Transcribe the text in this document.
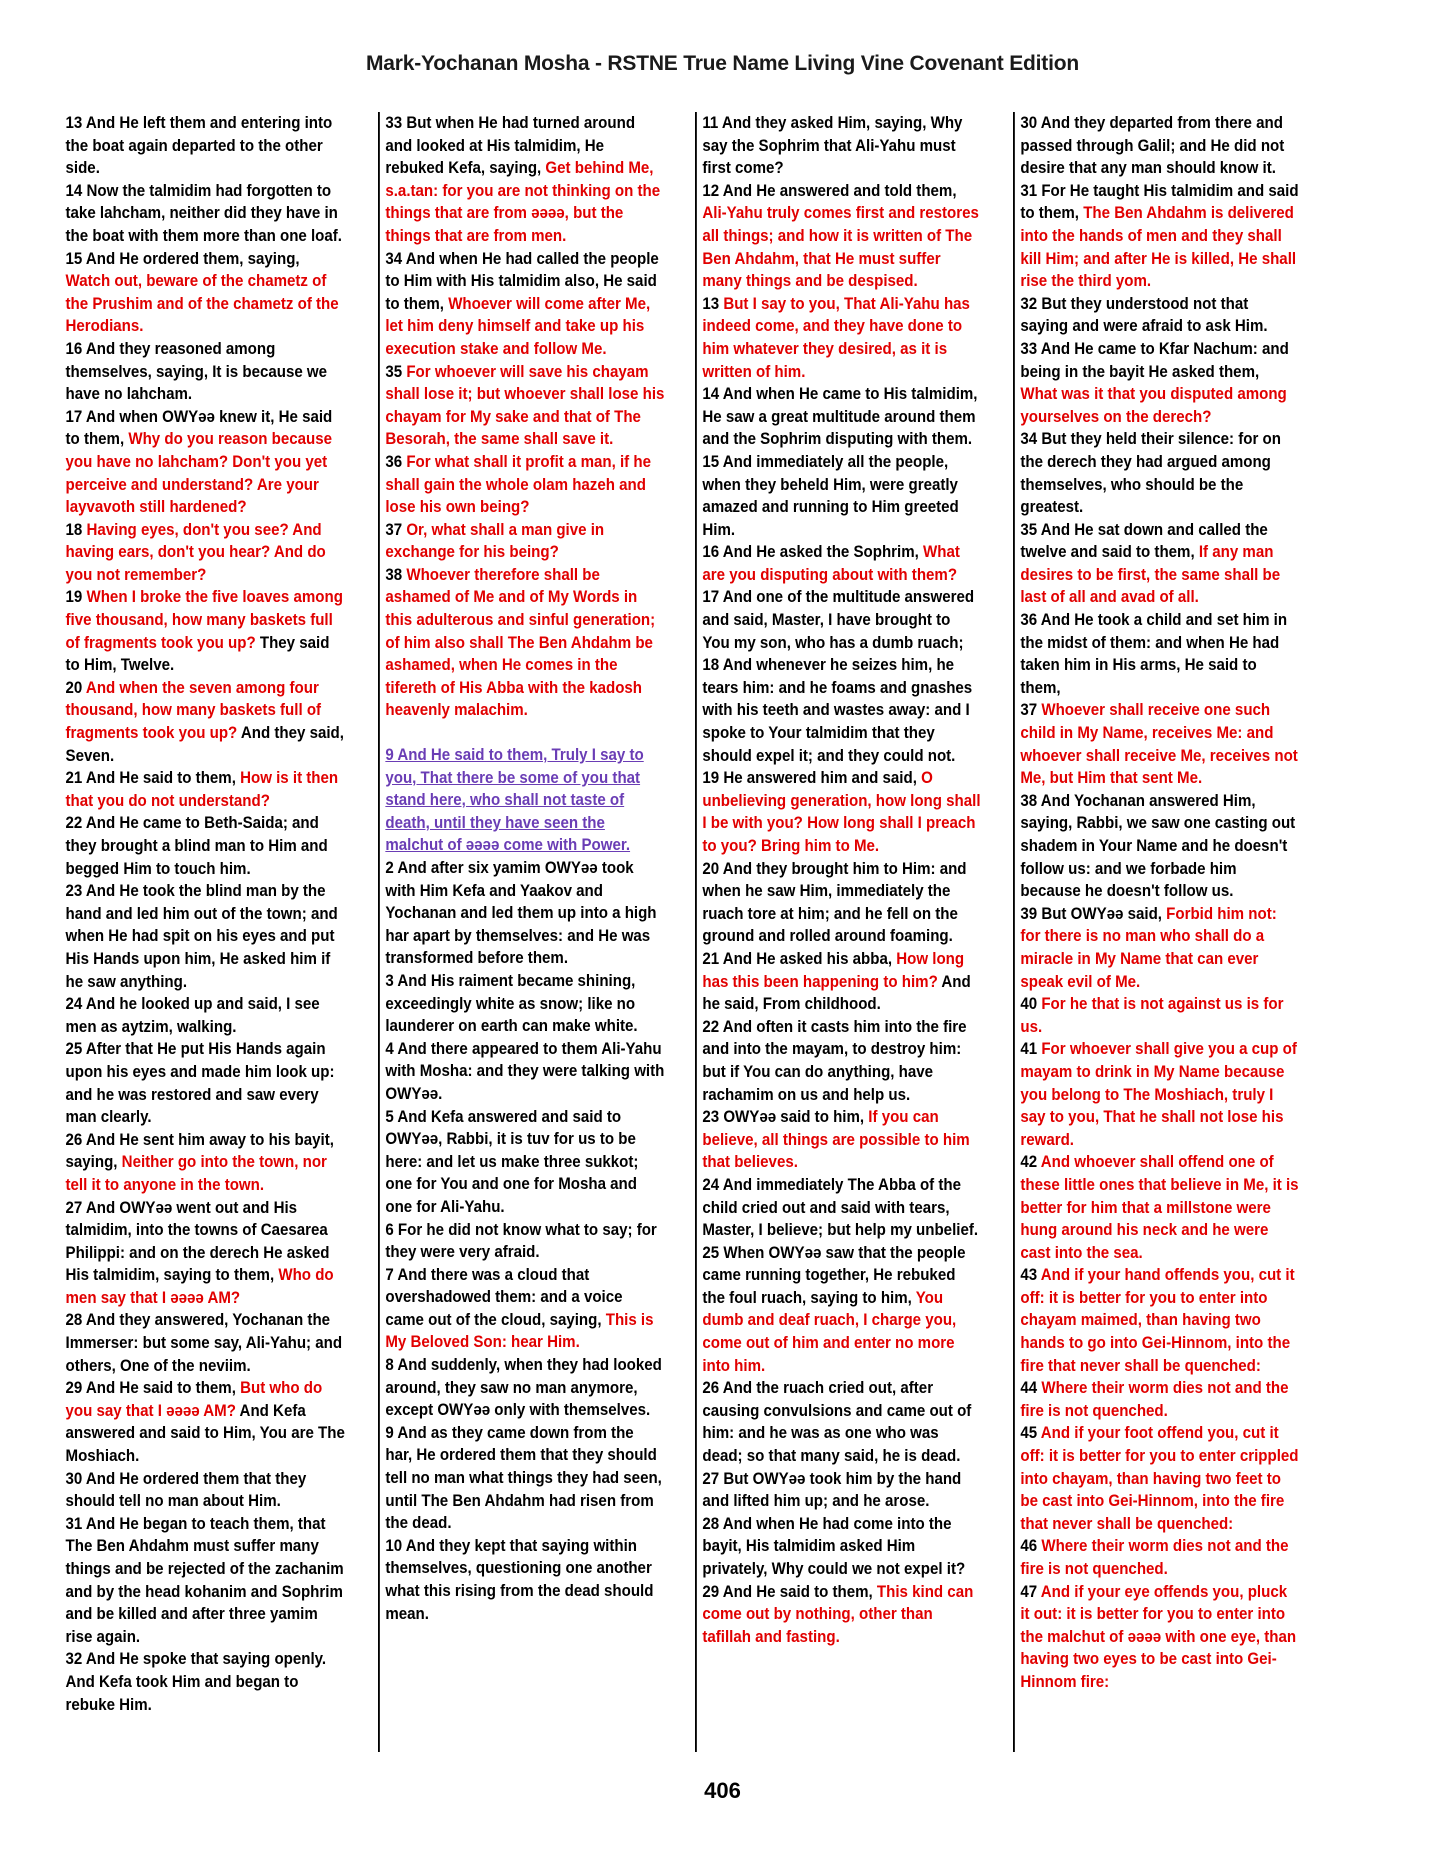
Mark-Yochanan Mosha - RSTNE True Name Living Vine Covenant Edition

13 And He left them and entering into the boat again departed to the other side.

14 Now the talmidim had forgotten to take lahcham, neither did they have in the boat with them more than one loaf.

15 And He ordered them, saying, Watch out, beware of the chametz of the Prushim and of the chametz of the Herodians.

16 And they reasoned among themselves, saying, It is because we have no lahcham.

17 And when OWYǝǝ knew it, He said to them, Why do you reason because you have no lahcham? Don't you yet perceive and understand? Are your layvavoth still hardened?

18 Having eyes, don't you see? And having ears, don't you hear? And do you not remember?

19 When I broke the five loaves among five thousand, how many baskets full of fragments took you up? They said to Him, Twelve.

20 And when the seven among four thousand, how many baskets full of fragments took you up? And they said, Seven.

21 And He said to them, How is it then that you do not understand?

22 And He came to Beth-Saida; and they brought a blind man to Him and begged Him to touch him.

23 And He took the blind man by the hand and led him out of the town; and when He had spit on his eyes and put His Hands upon him, He asked him if he saw anything.

24 And he looked up and said, I see men as aytzim, walking.

25 After that He put His Hands again upon his eyes and made him look up: and he was restored and saw every man clearly.

26 And He sent him away to his bayit, saying, Neither go into the town, nor tell it to anyone in the town.

27 And OWYǝǝ went out and His talmidim, into the towns of Caesarea Philippi: and on the derech He asked His talmidim, saying to them, Who do men say that I ǝǝǝǝ AM?

28 And they answered, Yochanan the Immerser: but some say, Ali-Yahu; and others, One of the neviim.

29 And He said to them, But who do you say that I ǝǝǝǝ AM? And Kefa answered and said to Him, You are The Moshiach.

30 And He ordered them that they should tell no man about Him.

31 And He began to teach them, that The Ben Ahdahm must suffer many things and be rejected of the zachanim and by the head kohanim and Sophrim and be killed and after three yamim rise again.

32 And He spoke that saying openly. And Kefa took Him and began to rebuke Him.

33 But when He had turned around and looked at His talmidim, He rebuked Kefa, saying, Get behind Me, s.a.tan: for you are not thinking on the things that are from ǝǝǝǝ, but the things that are from men.

34 And when He had called the people to Him with His talmidim also, He said to them, Whoever will come after Me, let him deny himself and take up his execution stake and follow Me.

35 For whoever will save his chayam shall lose it; but whoever shall lose his chayam for My sake and that of The Besorah, the same shall save it.

36 For what shall it profit a man, if he shall gain the whole olam hazeh and lose his own being?

37 Or, what shall a man give in exchange for his being?

38 Whoever therefore shall be ashamed of Me and of My Words in this adulterous and sinful generation; of him also shall The Ben Ahdahm be ashamed, when He comes in the tifereth of His Abba with the kadosh heavenly malachim.

9 And He said to them, Truly I say to you, That there be some of you that stand here, who shall not taste of death, until they have seen the malchut of ǝǝǝǝ come with Power.

2 And after six yamim OWYǝǝ took with Him Kefa and Yaakov and Yochanan and led them up into a high har apart by themselves: and He was transformed before them.

3 And His raiment became shining, exceedingly white as snow; like no launderer on earth can make white.

4 And there appeared to them Ali-Yahu with Mosha: and they were talking with OWYǝǝ.

5 And Kefa answered and said to OWYǝǝ, Rabbi, it is tuv for us to be here: and let us make three sukkot; one for You and one for Mosha and one for Ali-Yahu.

6 For he did not know what to say; for they were very afraid.

7 And there was a cloud that overshadowed them: and a voice came out of the cloud, saying, This is My Beloved Son: hear Him.

8 And suddenly, when they had looked around, they saw no man anymore, except OWYǝǝ only with themselves.

9 And as they came down from the har, He ordered them that they should tell no man what things they had seen, until The Ben Ahdahm had risen from the dead.

10 And they kept that saying within themselves, questioning one another what this rising from the dead should mean.

11 And they asked Him, saying, Why say the Sophrim that Ali-Yahu must first come?

12 And He answered and told them, Ali-Yahu truly comes first and restores all things; and how it is written of The Ben Ahdahm, that He must suffer many things and be despised.

13 But I say to you, That Ali-Yahu has indeed come, and they have done to him whatever they desired, as it is written of him.

14 And when He came to His talmidim, He saw a great multitude around them and the Sophrim disputing with them.

15 And immediately all the people, when they beheld Him, were greatly amazed and running to Him greeted Him.

16 And He asked the Sophrim, What are you disputing about with them?

17 And one of the multitude answered and said, Master, I have brought to You my son, who has a dumb ruach;

18 And whenever he seizes him, he tears him: and he foams and gnashes with his teeth and wastes away: and I spoke to Your talmidim that they should expel it; and they could not.

19 He answered him and said, O unbelieving generation, how long shall I be with you? How long shall I preach to you? Bring him to Me.

20 And they brought him to Him: and when he saw Him, immediately the ruach tore at him; and he fell on the ground and rolled around foaming.

21 And He asked his abba, How long has this been happening to him? And he said, From childhood.

22 And often it casts him into the fire and into the mayam, to destroy him: but if You can do anything, have rachamim on us and help us.

23 OWYǝǝ said to him, If you can believe, all things are possible to him that believes.

24 And immediately The Abba of the child cried out and said with tears, Master, I believe; but help my unbelief.

25 When OWYǝǝ saw that the people came running together, He rebuked the foul ruach, saying to him, You dumb and deaf ruach, I charge you, come out of him and enter no more into him.

26 And the ruach cried out, after causing convulsions and came out of him: and he was as one who was dead; so that many said, he is dead.

27 But OWYǝǝ took him by the hand and lifted him up; and he arose.

28 And when He had come into the bayit, His talmidim asked Him privately, Why could we not expel it?

29 And He said to them, This kind can come out by nothing, other than tafillah and fasting.

30 And they departed from there and passed through Galil; and He did not desire that any man should know it.

31 For He taught His talmidim and said to them, The Ben Ahdahm is delivered into the hands of men and they shall kill Him; and after He is killed, He shall rise the third yom.

32 But they understood not that saying and were afraid to ask Him.

33 And He came to Kfar Nachum: and being in the bayit He asked them, What was it that you disputed among yourselves on the derech?

34 But they held their silence: for on the derech they had argued among themselves, who should be the greatest.

35 And He sat down and called the twelve and said to them, If any man desires to be first, the same shall be last of all and avad of all.

36 And He took a child and set him in the midst of them: and when He had taken him in His arms, He said to them,

37 Whoever shall receive one such child in My Name, receives Me: and whoever shall receive Me, receives not Me, but Him that sent Me.

38 And Yochanan answered Him, saying, Rabbi, we saw one casting out shadem in Your Name and he doesn't follow us: and we forbade him because he doesn't follow us.

39 But OWYǝǝ said, Forbid him not: for there is no man who shall do a miracle in My Name that can ever speak evil of Me.

40 For he that is not against us is for us.

41 For whoever shall give you a cup of mayam to drink in My Name because you belong to The Moshiach, truly I say to you, That he shall not lose his reward.

42 And whoever shall offend one of these little ones that believe in Me, it is better for him that a millstone were hung around his neck and he were cast into the sea.

43 And if your hand offends you, cut it off: it is better for you to enter into chayam maimed, than having two hands to go into Gei-Hinnom, into the fire that never shall be quenched:

44 Where their worm dies not and the fire is not quenched.

45 And if your foot offend you, cut it off: it is better for you to enter crippled into chayam, than having two feet to be cast into Gei-Hinnom, into the fire that never shall be quenched:

46 Where their worm dies not and the fire is not quenched.

47 And if your eye offends you, pluck it out: it is better for you to enter into the malchut of ǝǝǝǝ with one eye, than having two eyes to be cast into Gei-Hinnom fire:

406
